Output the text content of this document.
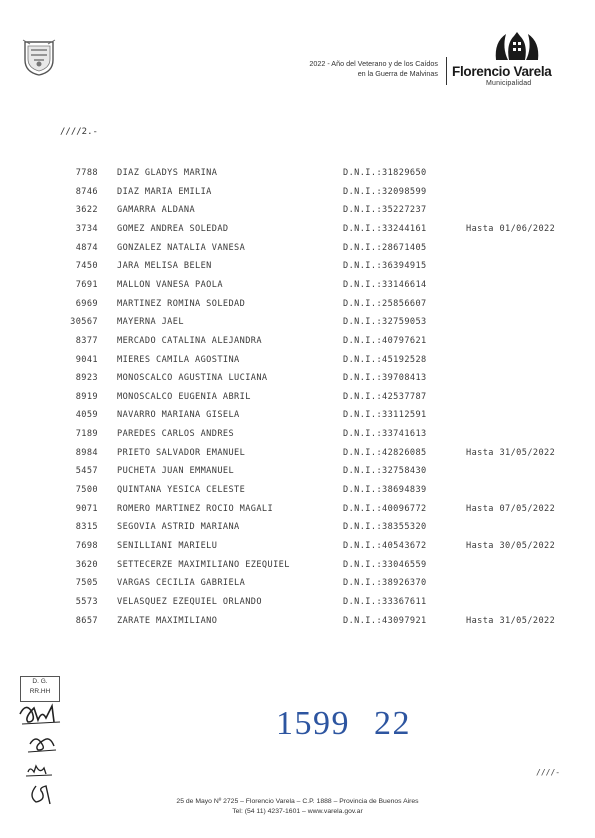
2022 - Año del Veterano y de los Caídos
en la Guerra de Malvinas Florencio Varela
Municipalidad
////2.-
7788 DIAZ GLADYS MARINA	D.N.I.:31829650
8746 DIAZ MARIA EMILIA	D.N.I.:32098599
3622 GAMARRA ALDANA	D.N.I.:35227237
3734 GOMEZ ANDREA SOLEDAD	D.N.I.:33244161	Hasta 01/06/2022
4874 GONZALEZ NATALIA VANESA	D.N.I.:28671405
7450 JARA MELISA BELEN	D.N.I.:36394915
7691 MALLON VANESA PAOLA	D.N.I.:33146614
6969 MARTINEZ ROMINA SOLEDAD	D.N.I.:25856607
30567 MAYERNA JAEL	D.N.I.:32759053
8377 MERCADO CATALINA ALEJANDRA	D.N.I.:40797621
9041 MIERES CAMILA AGOSTINA	D.N.I.:45192528
8923 MONOSCALCO AGUSTINA LUCIANA	D.N.I.:39708413
8919 MONOSCALCO EUGENIA ABRIL	D.N.I.:42537787
4059 NAVARRO MARIANA GISELA	D.N.I.:33112591
7189 PAREDES CARLOS ANDRES	D.N.I.:33741613
8984 PRIETO SALVADOR EMANUEL	D.N.I.:42826085	Hasta 31/05/2022
5457 PUCHETA JUAN EMMANUEL	D.N.I.:32758430
7500 QUINTANA YESICA CELESTE	D.N.I.:38694839
9071 ROMERO MARTINEZ ROCIO MAGALI	D.N.I.:40096772	Hasta 07/05/2022
8315 SEGOVIA ASTRID MARIANA	D.N.I.:38355320
7698 SENILLIANI MARIELU	D.N.I.:40543672	Hasta 30/05/2022
3620 SETTECERZE MAXIMILIANO EZEQUIEL	D.N.I.:33046559
7505 VARGAS CECILIA GABRIELA	D.N.I.:38926370
5573 VELASQUEZ EZEQUIEL ORLANDO	D.N.I.:33367611
8657 ZARATE MAXIMILIANO	D.N.I.:43097921	Hasta 31/05/2022
D. G.
RR.HH
1599 22
////-
25 de Mayo Nº 2725 – Florencio Varela – C.P. 1888 – Provincia de Buenos Aires
Tel: (54 11) 4237-1601 – www.varela.gov.ar
